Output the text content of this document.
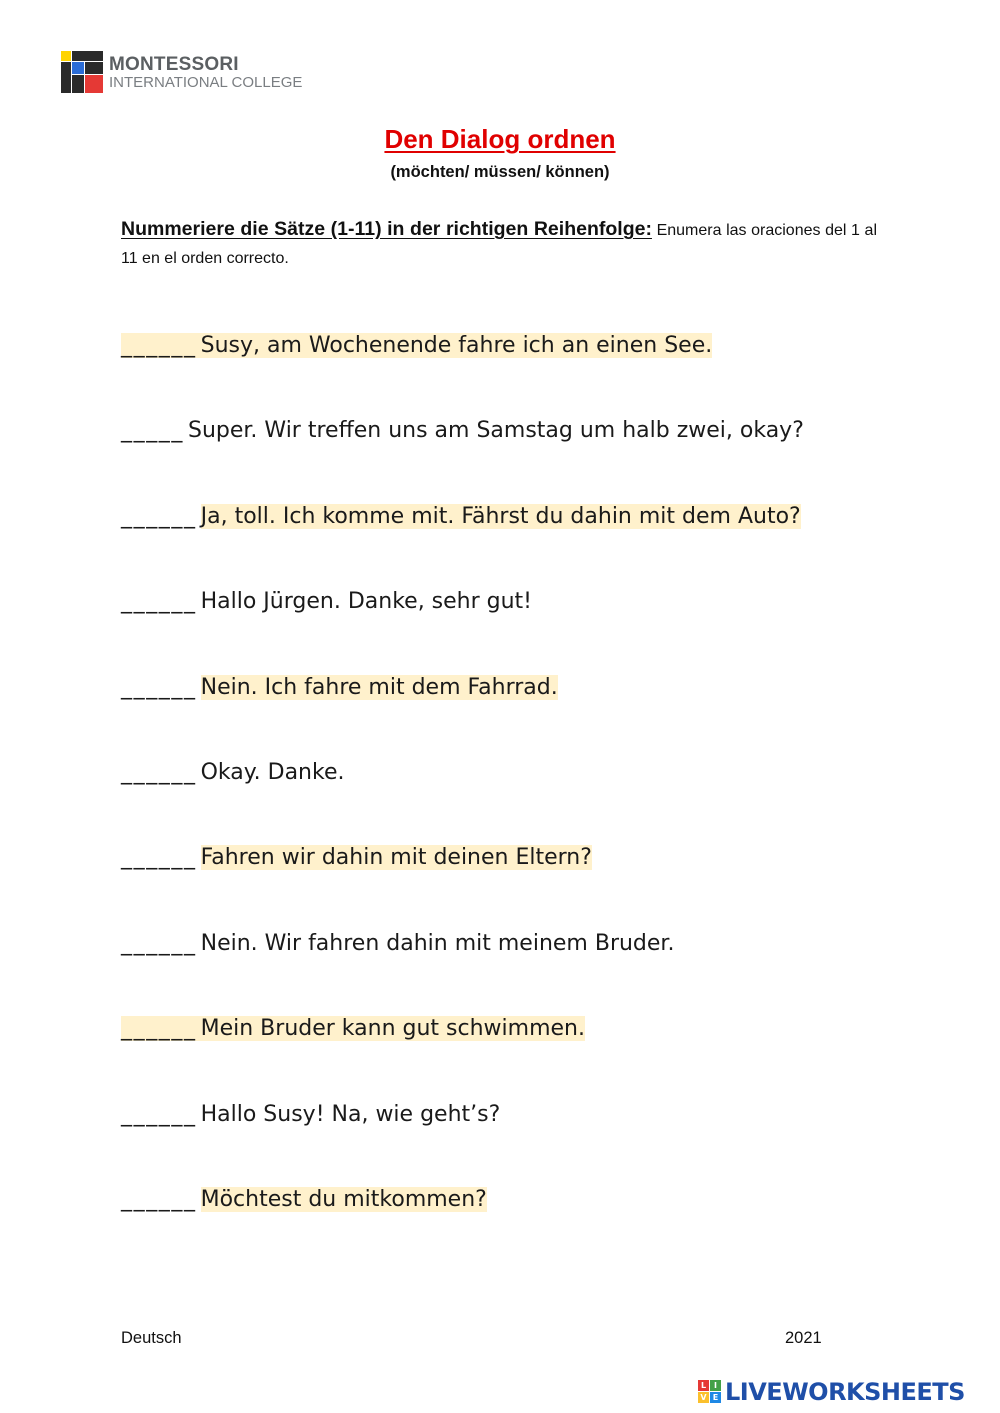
MONTESSORI
INTERNATIONAL COLLEGE
Den Dialog ordnen
(möchten/ müssen/ können)
Nummeriere die Sätze (1-11) in der richtigen Reihenfolge: Enumera las oraciones del 1 al 11 en el orden correcto.
______ Susy, am Wochenende fahre ich an einen See.
_____ Super. Wir treffen uns am Samstag um halb zwei, okay?
______ Ja, toll. Ich komme mit. Fährst du dahin mit dem Auto?
______ Hallo Jürgen. Danke, sehr gut!
______ Nein. Ich fahre mit dem Fahrrad.
______ Okay. Danke.
______ Fahren wir dahin mit deinen Eltern?
______ Nein. Wir fahren dahin mit meinem Bruder.
______ Mein Bruder kann gut schwimmen.
______ Hallo Susy! Na, wie geht’s?
______ Möchtest du mitkommen?
Deutsch	2021
L I
V E LIVEWORKSHEETS
